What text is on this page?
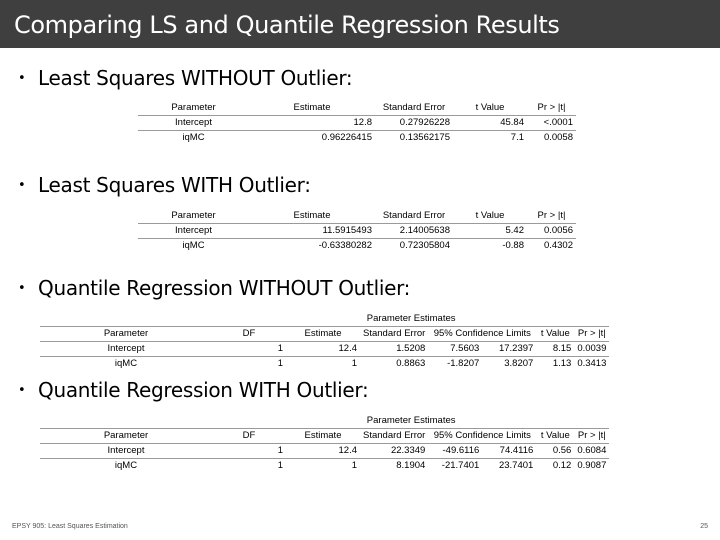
Comparing LS and Quantile Regression Results
• Least Squares WITHOUT Outlier:
Parameter	Estimate	Standard Error	t Value	Pr > |t|
Intercept	12.8	0.27926228	45.84	<.0001
iqMC	0.96226415	0.13562175	7.1	0.0058
• Least Squares WITH Outlier:
Parameter	Estimate	Standard Error	t Value	Pr > |t|
Intercept	11.5915493	2.14005638	5.42	0.0056
iqMC	-0.63380282	0.72305804	-0.88	0.4302
• Quantile Regression WITHOUT Outlier:
		Parameter Estimates						
Parameter	DF	Estimate	Standard Error	95% Confidence Limits		t Value	Pr > |t|	
Intercept	1	12.4	1.5208	7.5603	17.2397	8.15	0.0039	
iqMC	1	1	0.8863	-1.8207	3.8207	1.13	0.3413	
• Quantile Regression WITH Outlier:
		Parameter Estimates						
Parameter	DF	Estimate	Standard Error	95% Confidence Limits		t Value	Pr > |t|	
Intercept	1	12.4	22.3349	-49.6116	74.4116	0.56	0.6084	
iqMC	1	1	8.1904	-21.7401	23.7401	0.12	0.9087	
EPSY 905: Least Squares Estimation	25
